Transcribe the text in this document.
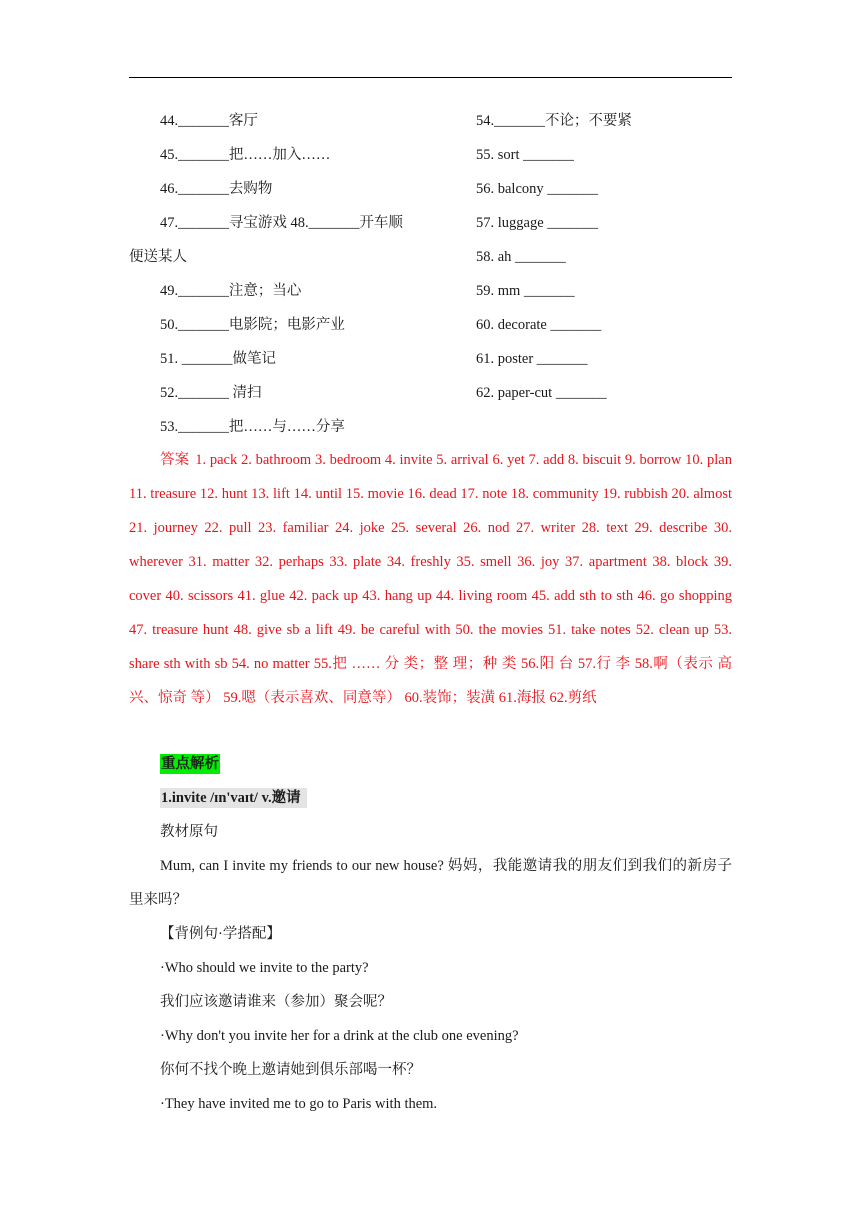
44._______客厅
45._______把……加入……
46._______去购物
47._______寻宝游戏 48._______开车顺
便送某人
49._______注意；当心
50._______电影院；电影产业
51. _______做笔记
52._______ 清扫
53._______把……与……分享
54._______不论；不要紧
55. sort _______
56. balcony _______
57. luggage _______
58. ah _______
59. mm _______
60. decorate _______
61. poster _______
62. paper-cut _______
答案 1. pack 2. bathroom 3. bedroom 4. invite 5. arrival 6. yet 7. add 8. biscuit 9. borrow 10. plan 11. treasure 12. hunt 13. lift 14. until 15. movie 16. dead 17. note 18. community 19. rubbish 20. almost 21. journey 22. pull 23. familiar 24. joke 25. several 26. nod 27. writer 28. text 29. describe 30. wherever 31. matter 32. perhaps 33. plate 34. freshly 35. smell 36. joy 37. apartment 38. block 39. cover 40. scissors 41. glue 42. pack up 43. hang up 44. living room 45. add sth to sth 46. go shopping 47. treasure hunt 48. give sb a lift 49. be careful with 50. the movies 51. take notes 52. clean up 53. share sth with sb 54. no matter 55.把 …… 分 类；整 理；种 类 56.阳 台 57.行 李 58.啊（表示 高 兴、惊奇 等） 59.嗯（表示喜欢、同意等） 60.装饰；装潢 61.海报 62.剪纸
重点解析
1.invite /ɪn'vaɪt/ v.邀请
教材原句
Mum, can I invite my friends to our new house? 妈妈，我能邀请我的朋友们到我们的新房子里来吗？
【背例句·学搭配】
·Who should we invite to the party?
我们应该邀请谁来（参加）聚会呢？
·Why don't you invite her for a drink at the club one evening?
你何不找个晚上邀请她到俱乐部喝一杯？
·They have invited me to go to Paris with them.
